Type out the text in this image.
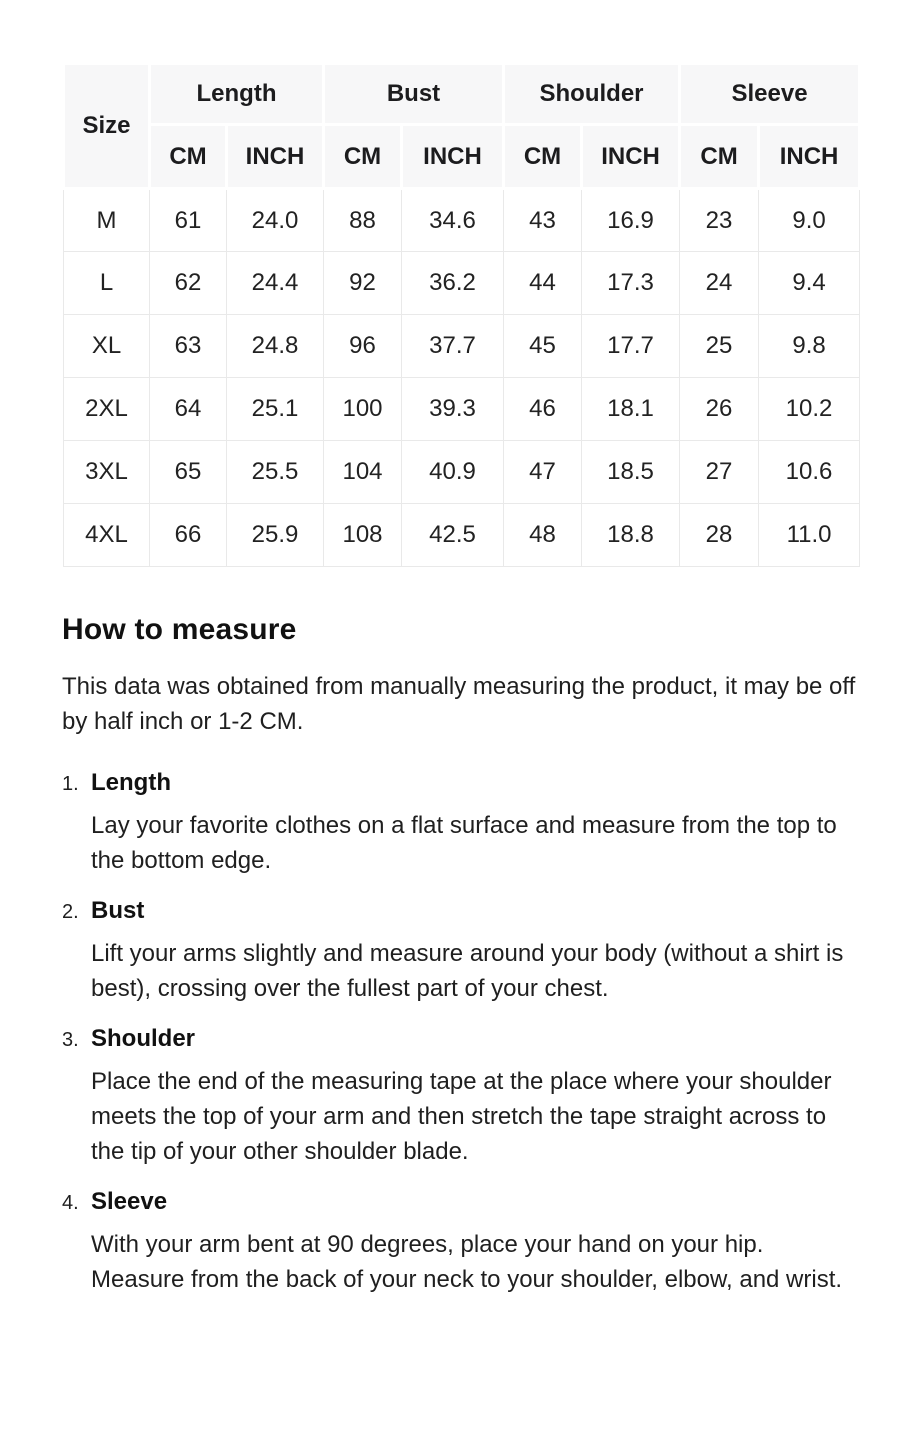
Size	Length		Bust		Shoulder		Sleeve	
	CM	INCH	CM	INCH	CM	INCH	CM	INCH
M	61	24.0	88	34.6	43	16.9	23	9.0
L	62	24.4	92	36.2	44	17.3	24	9.4
XL	63	24.8	96	37.7	45	17.7	25	9.8
2XL	64	25.1	100	39.3	46	18.1	26	10.2
3XL	65	25.5	104	40.9	47	18.5	27	10.6
4XL	66	25.9	108	42.5	48	18.8	28	11.0
How to measure

This data was obtained from manually measuring the product, it may be off by half inch or 1-2 CM.

1. Length

Lay your favorite clothes on a flat surface and measure from the top to the bottom edge.

2. Bust

Lift your arms slightly and measure around your body (without a shirt is best), crossing over the fullest part of your chest.

3. Shoulder

Place the end of the measuring tape at the place where your shoulder meets the top of your arm and then stretch the tape straight across to the tip of your other shoulder blade.

4. Sleeve

With your arm bent at 90 degrees, place your hand on your hip. Measure from the back of your neck to your shoulder, elbow, and wrist.
